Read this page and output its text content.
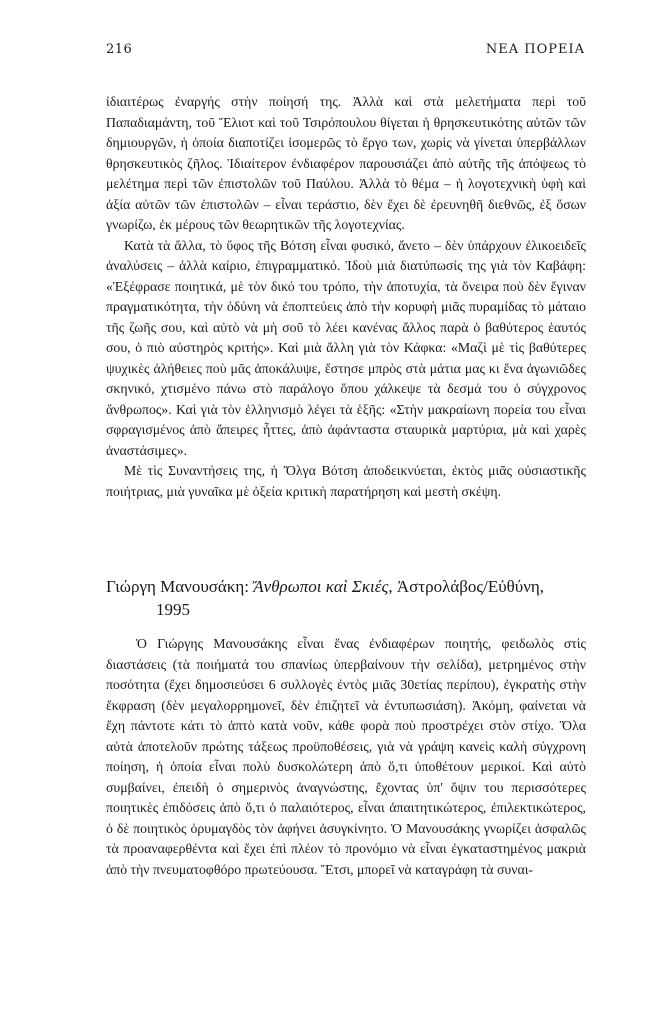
216	ΝΕΑ ΠΟΡΕΙΑ

ἰδιαιτέρως ἐναργής στὴν ποίησή της. Ἀλλὰ καὶ στὰ μελετήματα περὶ τοῦ Παπαδιαμάντη, τοῦ Ἔλιοτ καὶ τοῦ Τσιρόπουλου θίγεται ἡ θρησκευτικότης αὐτῶν τῶν δημιουργῶν, ἡ ὁποία διαποτίζει ἰσομερῶς τὸ ἔργο των, χωρὶς νὰ γίνεται ὑπερβάλλων θρησκευτικὸς ζῆλος. Ἰδιαίτερον ἐνδιαφέρον παρουσιάζει ἀπὸ αὐτῆς τῆς ἀπόψεως τὸ μελέτημα περὶ τῶν ἐπιστολῶν τοῦ Παύλου. Ἀλλὰ τὸ θέμα – ἡ λογοτεχνικὴ ὑφὴ καὶ ἀξία αὐτῶν τῶν ἐπιστολῶν – εἶναι τεράστιο, δὲν ἔχει δὲ ἐρευνηθῆ διεθνῶς, ἐξ ὅσων γνωρίζω, ἐκ μέρους τῶν θεωρητικῶν τῆς λογοτεχνίας.

Κατὰ τὰ ἄλλα, τὸ ὕφος τῆς Βότση εἶναι φυσικό, ἄνετο – δὲν ὑπάρχουν ἐλικοειδεῖς ἀναλύσεις – ἀλλὰ καίριο, ἐπιγραμματικό. Ἰδοὺ μιὰ διατύπωσίς της γιὰ τὸν Καβάφη: «Ἐξέφρασε ποιητικά, μὲ τὸν δικό του τρόπο, τὴν ἀποτυχία, τὰ ὄνειρα ποὺ δὲν ἔγιναν πραγματικότητα, τὴν ὀδύνη νὰ ἐποπτεύεις ἀπὸ τὴν κορυφὴ μιᾶς πυραμίδας τὸ μάταιο τῆς ζωῆς σου, καὶ αὐτὸ νὰ μὴ σοῦ τὸ λέει κανένας ἄλλος παρὰ ὁ βαθύτερος ἑαυτός σου, ὁ πιὸ αὐστηρὸς κριτής». Καὶ μιὰ ἄλλη γιὰ τὸν Κάφκα: «Μαζὶ μὲ τὶς βαθύτερες ψυχικὲς ἀλήθειες ποὺ μᾶς ἀποκάλυψε, ἔστησε μπρὸς στὰ μάτια μας κι ἕνα ἀγωνιῶδες σκηνικό, χτισμένο πάνω στὸ παράλογο ὅπου χάλκεψε τὰ δεσμά του ὁ σύγχρονος ἄνθρωπος». Καὶ γιὰ τὸν ἑλληνισμὸ λέγει τὰ ἑξῆς: «Στὴν μακραίωνη πορεία του εἶναι σφραγισμένος ἀπὸ ἄπειρες ἧττες, ἀπὸ ἀφάνταστα σταυρικὰ μαρτύρια, μὰ καὶ χαρὲς ἀναστάσιμες».

Μὲ τὶς Συναντήσεις της, ἡ Ὄλγα Βότση ἀποδεικνύεται, ἐκτὸς μιᾶς οὐσιαστικῆς ποιήτριας, μιὰ γυναῖκα μὲ ὀξεία κριτικὴ παρατήρηση καὶ μεστὴ σκέψη.

Γιώργη Μανουσάκη: Ἄνθρωποι καὶ Σκιές, Ἀστρολάβος/Εὐθύνη,
1995

Ὁ Γιώργης Μανουσάκης εἶναι ἕνας ἐνδιαφέρων ποιητής, φειδωλὸς στὶς διαστάσεις (τὰ ποιήματά του σπανίως ὑπερβαίνουν τὴν σελίδα), μετρημένος στὴν ποσότητα (ἔχει δημοσιεύσει 6 συλλογὲς ἐντὸς μιᾶς 30ετίας περίπου), ἐγκρατὴς στὴν ἔκφραση (δὲν μεγαλορρημονεῖ, δὲν ἐπιζητεῖ νὰ ἐντυπωσιάση). Ἀκόμη, φαίνεται νὰ ἔχη πάντοτε κάτι τὸ ἁπτὸ κατὰ νοῦν, κάθε φορὰ ποὺ προστρέχει στὸν στίχο. Ὅλα αὐτὰ ἀποτελοῦν πρώτης τάξεως προϋποθέσεις, γιὰ νὰ γράψη κανεὶς καλὴ σύγχρονη ποίηση, ἡ ὁποία εἶναι πολὺ δυσκολώτερη ἀπὸ ὅ,τι ὑποθέτουν μερικοί. Καὶ αὐτὸ συμβαίνει, ἐπειδὴ ὁ σημερινὸς ἀναγνώστης, ἔχοντας ὑπ' ὄψιν του περισσότερες ποιητικὲς ἐπιδόσεις ἀπὸ ὅ,τι ὁ παλαιότερος, εἶναι ἀπαιτητικώτερος, ἐπιλεκτικώτερος, ὁ δὲ ποιητικὸς ὀρυμαγδὸς τὸν ἀφήνει ἀσυγκίνητο. Ὁ Μανουσάκης γνωρίζει ἀσφαλῶς τὰ προαναφερθέντα καὶ ἔχει ἐπὶ πλέον τὸ προνόμιο νὰ εἶναι ἐγκαταστημένος μακριὰ ἀπὸ τὴν πνευματοφθόρο πρωτεύουσα. Ἔτσι, μπορεῖ νὰ καταγράφη τὰ συναι-
